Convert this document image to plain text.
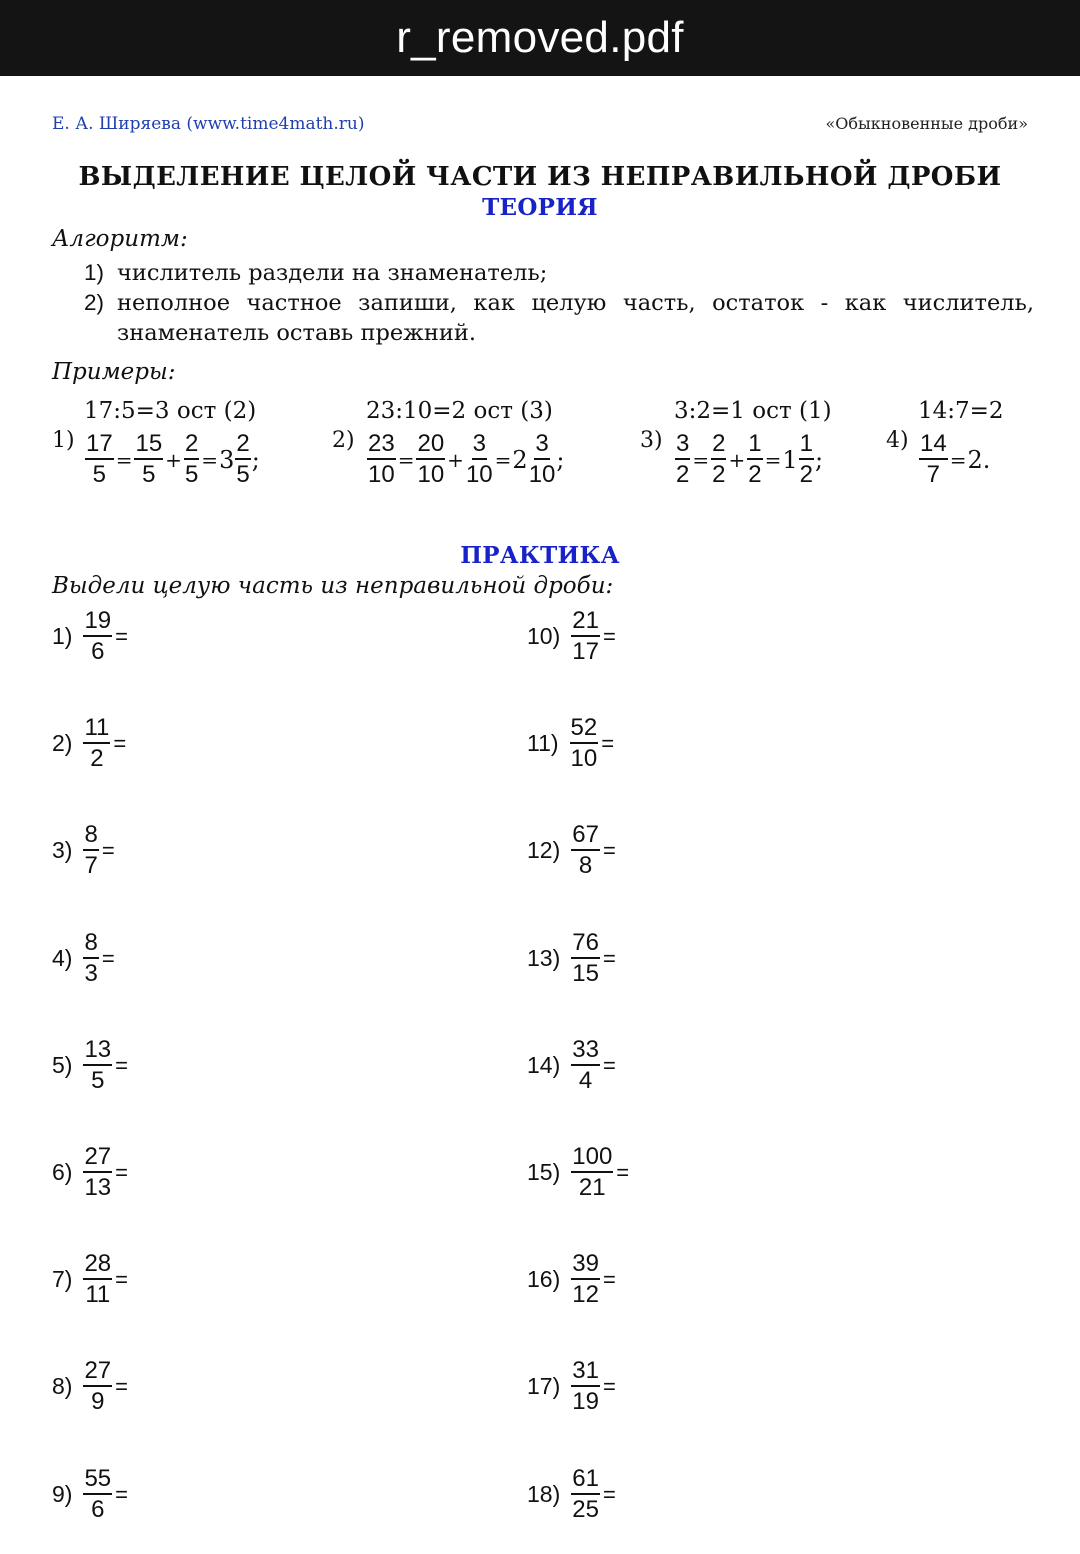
r_removed.pdf
Е. А. Ширяева (www.time4math.ru)	«Обыкновенные дроби»
ВЫДЕЛЕНИЕ ЦЕЛОЙ ЧАСТИ ИЗ НЕПРАВИЛЬНОЙ ДРОБИ
ТЕОРИЯ
Алгоритм:
1) числитель раздели на знаменатель;
2) неполное частное запиши, как целую часть, остаток - как числитель, знаменатель оставь прежний.
Примеры:
17:5=3 ост (2)
$1) \frac{17}{5} = \frac{15}{5} + \frac{2}{5} = 3 \frac{2}{5}$ ;
23:10=2 ост (3)
$2) \frac{23}{10} = \frac{20}{10} + \frac{3}{10} = 2 \frac{3}{10}$ ;
3:2=1 ост (1)
$3) \frac{3}{2} = \frac{2}{2} + \frac{1}{2} = 1 \frac{1}{2}$ ;
14:7=2
$4) \frac{14}{7} = 2$.
ПРАКТИКА
Выдели целую часть из неправильной дроби:
$1) \frac{19}{6}$ =
$2) \frac{11}{2}$ =
$3) \frac{8}{7}$ =
$4) \frac{8}{3}$ =
$5) \frac{13}{5}$ =
$6) \frac{27}{13}$ =
$7) \frac{28}{11}$ =
$8) \frac{27}{9}$ =
$9) \frac{55}{6}$ =
$10) \frac{21}{17}$ =
$11) \frac{52}{10}$ =
$12) \frac{67}{8}$ =
$13) \frac{76}{15}$ =
$14) \frac{33}{4}$ =
$15) \frac{100}{21}$ =
$16) \frac{39}{12}$ =
$17) \frac{31}{19}$ =
$18) \frac{61}{25}$ =
